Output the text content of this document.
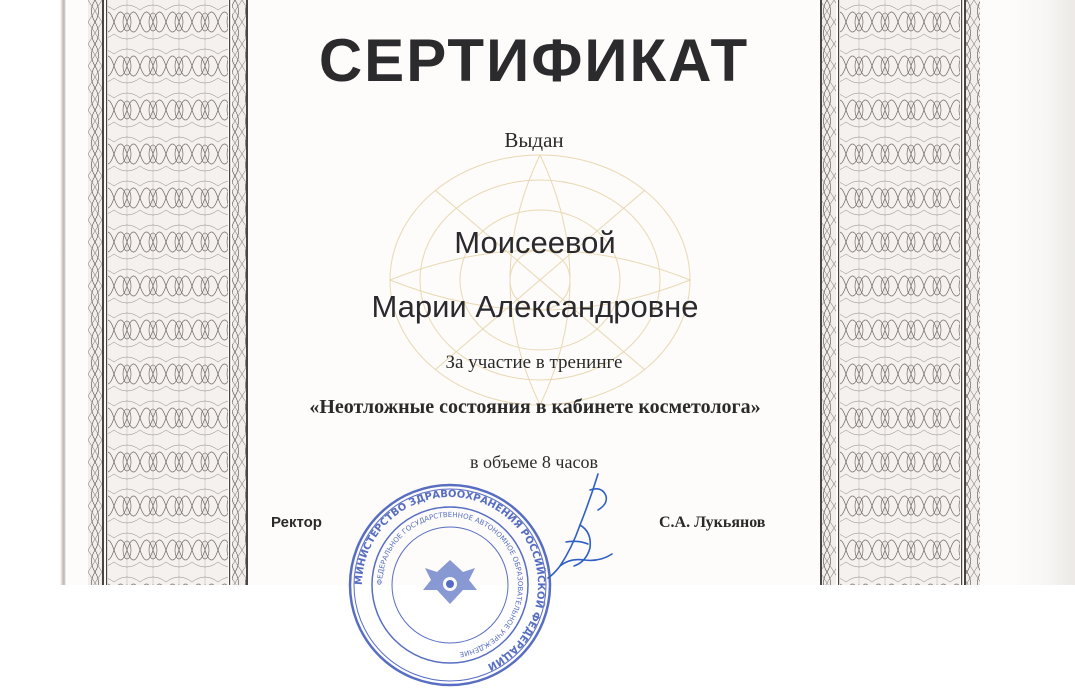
СЕРТИФИКАТ
Выдан
Моисеевой
Марии Александровне
За участие в тренинге
«Неотложные состояния в кабинете косметолога»
в объеме 8 часов
МИНИСТЕРСТВО ЗДРАВООХРАНЕНИЯ РОССИЙСКОЙ ФЕДЕРАЦИИ
ФЕДЕРАЛЬНОЕ ГОСУДАРСТВЕННОЕ АВТОНОМНОЕ ОБРАЗОВАТЕЛЬНОЕ УЧРЕЖДЕНИЕ
Ректор	С.А. Лукьянов
